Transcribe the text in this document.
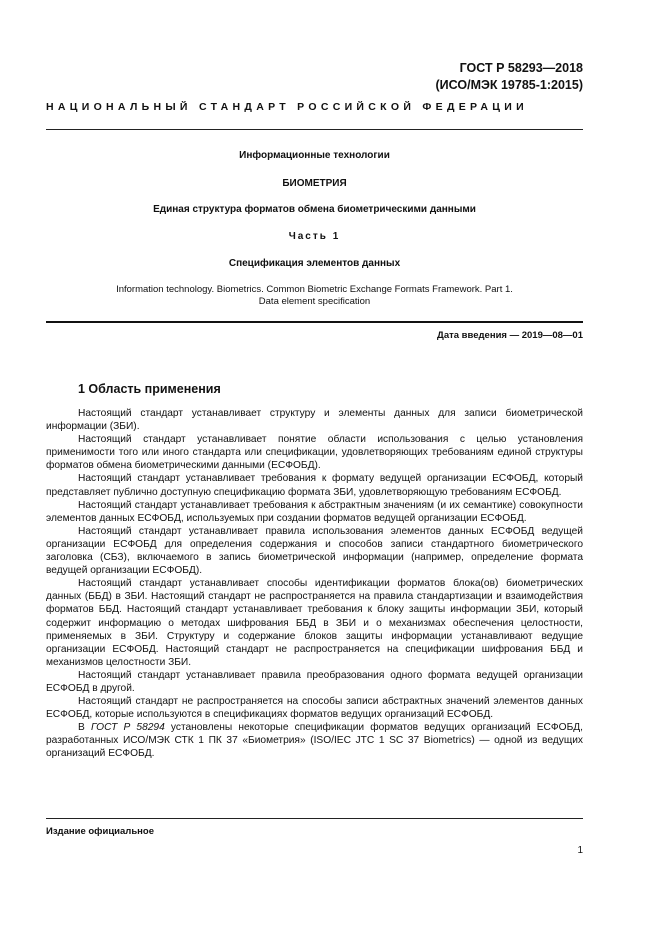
ГОСТ Р 58293—2018
(ИСО/МЭК 19785-1:2015)
НАЦИОНАЛЬНЫЙ СТАНДАРТ РОССИЙСКОЙ ФЕДЕРАЦИИ
Информационные технологии
БИОМЕТРИЯ
Единая структура форматов обмена биометрическими данными
Часть 1
Спецификация элементов данных
Information technology. Biometrics. Common Biometric Exchange Formats Framework. Part 1.
Data element specification
Дата введения — 2019—08—01
1 Область применения

Настоящий стандарт устанавливает структуру и элементы данных для записи биометрической информации (ЗБИ).

Настоящий стандарт устанавливает понятие области использования с целью установления применимости того или иного стандарта или спецификации, удовлетворяющих требованиям единой структуры форматов обмена биометрическими данными (ЕСФОБД).

Настоящий стандарт устанавливает требования к формату ведущей организации ЕСФОБД, который представляет публично доступную спецификацию формата ЗБИ, удовлетворяющую требованиям ЕСФОБД.

Настоящий стандарт устанавливает требования к абстрактным значениям (и их семантике) совокупности элементов данных ЕСФОБД, используемых при создании форматов ведущей организации ЕСФОБД.

Настоящий стандарт устанавливает правила использования элементов данных ЕСФОБД ведущей организации ЕСФОБД для определения содержания и способов записи стандартного биометрического заголовка (СБЗ), включаемого в запись биометрической информации (например, определение формата ведущей организации ЕСФОБД).

Настоящий стандарт устанавливает способы идентификации форматов блока(ов) биометрических данных (ББД) в ЗБИ. Настоящий стандарт не распространяется на правила стандартизации и взаимодействия форматов ББД. Настоящий стандарт устанавливает требования к блоку защиты информации ЗБИ, который содержит информацию о методах шифрования ББД в ЗБИ и о механизмах обеспечения целостности, применяемых в ЗБИ. Структуру и содержание блоков защиты информации устанавливают ведущие организации ЕСФОБД. Настоящий стандарт не распространяется на спецификации шифрования ББД и механизмов целостности ЗБИ.

Настоящий стандарт устанавливает правила преобразования одного формата ведущей организации ЕСФОБД в другой.

Настоящий стандарт не распространяется на способы записи абстрактных значений элементов данных ЕСФОБД, которые используются в спецификациях форматов ведущих организаций ЕСФОБД.

В ГОСТ Р 58294 установлены некоторые спецификации форматов ведущих организаций ЕСФОБД, разработанных ИСО/МЭК СТК 1 ПК 37 «Биометрия» (ISO/IEC JTC 1 SC 37 Biometrics) — одной из ведущих организаций ЕСФОБД.

Издание официальное
1
